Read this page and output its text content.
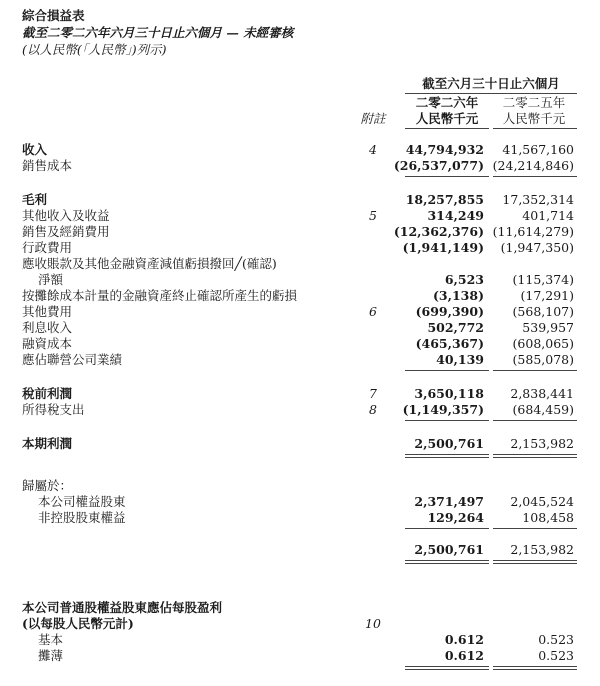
綜合損益表
截至二零二六年六月三十日止六個月 — 未經審核
(以人民幣(「人民幣」)列示)
截至六月三十日止六個月
二零二六年	二零二五年
附註	人民幣千元	人民幣千元
收入	4	44,794,932 41,567,160
銷售成本	(26,537,077) (24,214,846)
毛利	18,257,855 17,352,314
其他收入及收益	5	314,249	401,714
銷售及經銷費用	(12,362,376) (11,614,279)
行政費用	(1,941,149) (1,947,350)
應收賬款及其他金融資產減值虧損撥回╱(確認)
淨額	6,523 (115,374)
按攤餘成本計量的金融資產終止確認所產生的虧損	(3,138)	(17,291)
其他費用	6	(699,390) (568,107)
利息收入	502,772	539,957
融資成本	(465,367) (608,065)
應佔聯營公司業績	40,139 (585,078)
稅前利潤	7	3,650,118 2,838,441
所得稅支出	8	(1,149,357) (684,459)
本期利潤	2,500,761 2,153,982
歸屬於：
本公司權益股東	2,371,497 2,045,524
非控股股東權益	129,264	108,458
2,500,761 2,153,982
本公司普通股權益股東應佔每股盈利
(以每股人民幣元計)	10
基本	0.612	0.523
攤薄	0.612	0.523
